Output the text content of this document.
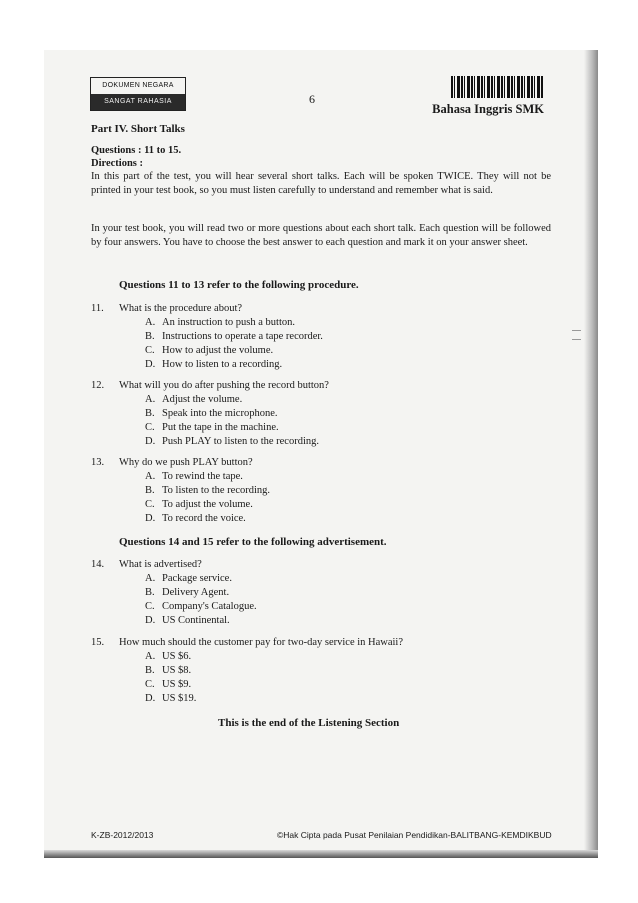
DOKUMEN NEGARA
SANGAT RAHASIA	6
Bahasa Inggris SMK
Part IV. Short Talks
Questions : 11 to 15.
Directions :
In this part of the test, you will hear several short talks. Each will be spoken TWICE. They will not be printed in your test book, so you must listen carefully to understand and remember what is said.
In your test book, you will read two or more questions about each short talk. Each question will be followed by four answers. You have to choose the best answer to each question and mark it on your answer sheet.
Questions 11 to 13 refer to the following procedure.
11. What is the procedure about?
A. An instruction to push a button.
B. Instructions to operate a tape recorder.
C. How to adjust the volume.
D. How to listen to a recording.
12. What will you do after pushing the record button?
A. Adjust the volume.
B. Speak into the microphone.
C. Put the tape in the machine.
D. Push PLAY to listen to the recording.
13. Why do we push PLAY button?
A. To rewind the tape.
B. To listen to the recording.
C. To adjust the volume.
D. To record the voice.
Questions 14 and 15 refer to the following advertisement.
14. What is advertised?
A. Package service.
B. Delivery Agent.
C. Company's Catalogue.
D. US Continental.
15. How much should the customer pay for two-day service in Hawaii?
A. US $6.
B. US $8.
C. US $9.
D. US $19.
This is the end of the Listening Section
K-ZB-2012/2013	©Hak Cipta pada Pusat Penilaian Pendidikan-BALITBANG-KEMDIKBUD
